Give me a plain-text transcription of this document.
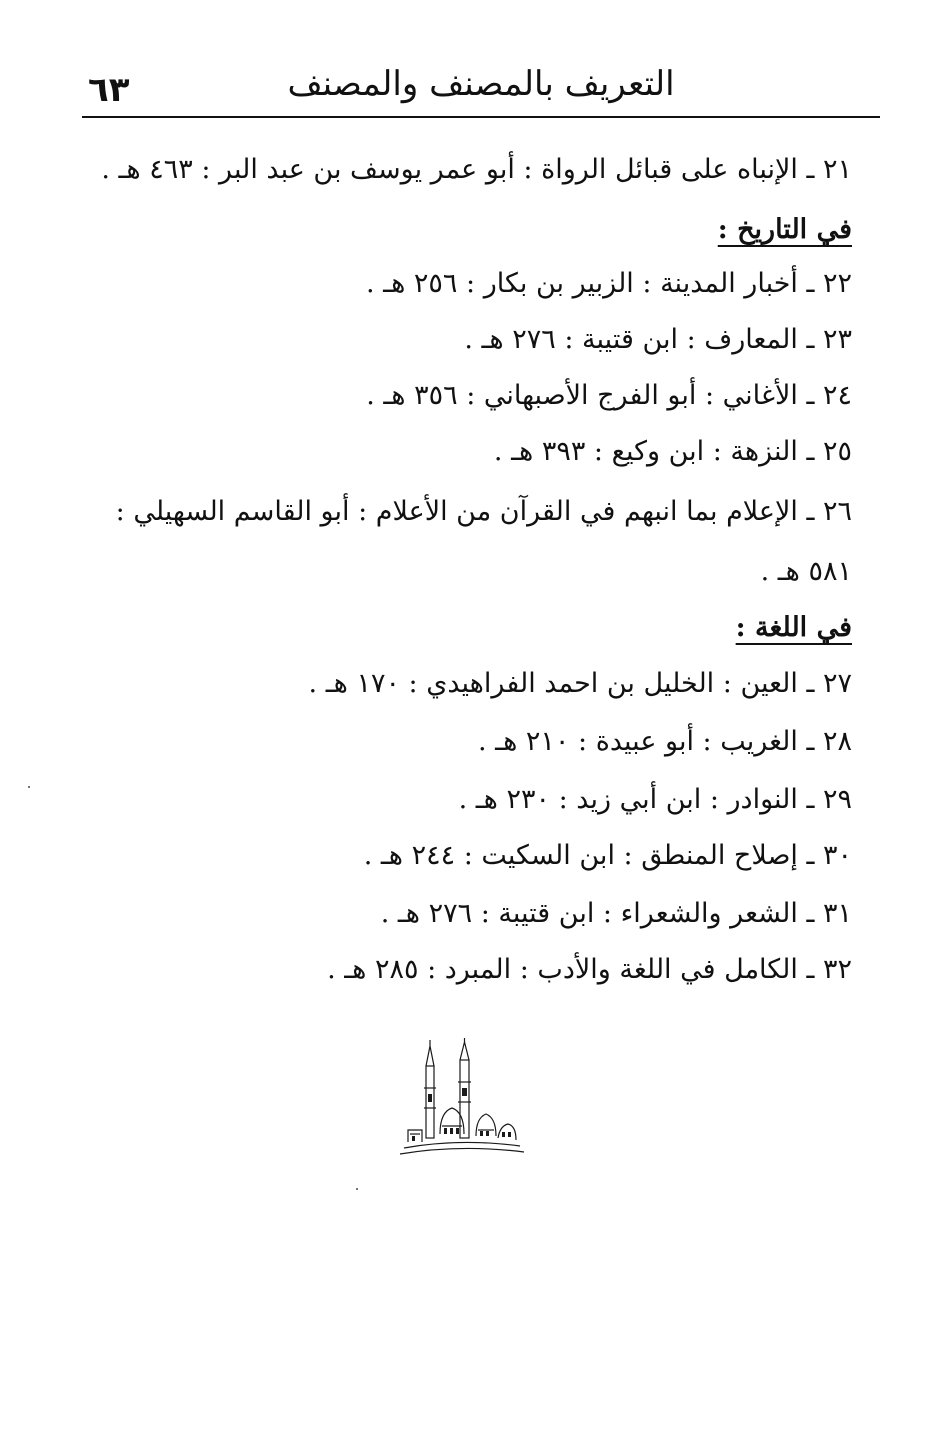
٦٣	التعريف بالمصنف والمصنف
٢١ ـ الإنباه على قبائل الرواة : أبو عمر يوسف بن عبد البر : ٤٦٣ هـ .
في التاريخ :
٢٢ ـ أخبار المدينة : الزبير بن بكار : ٢٥٦ هـ .
٢٣ ـ المعارف : ابن قتيبة : ٢٧٦ هـ .
٢٤ ـ الأغاني : أبو الفرج الأصبهاني : ٣٥٦ هـ .
٢٥ ـ النزهة : ابن وكيع : ٣٩٣ هـ .
٢٦ ـ الإعلام بما انبهم في القرآن من الأعلام : أبو القاسم السهيلي :
٥٨١ هـ .
في اللغة :
٢٧ ـ العين : الخليل بن احمد الفراهيدي : ١٧٠ هـ .
٢٨ ـ الغريب : أبو عبيدة : ٢١٠ هـ .
٢٩ ـ النوادر : ابن أبي زيد : ٢٣٠ هـ .
٣٠ ـ إصلاح المنطق : ابن السكيت : ٢٤٤ هـ .
٣١ ـ الشعر والشعراء : ابن قتيبة : ٢٧٦ هـ .
٣٢ ـ الكامل في اللغة والأدب : المبرد : ٢٨٥ هـ .
